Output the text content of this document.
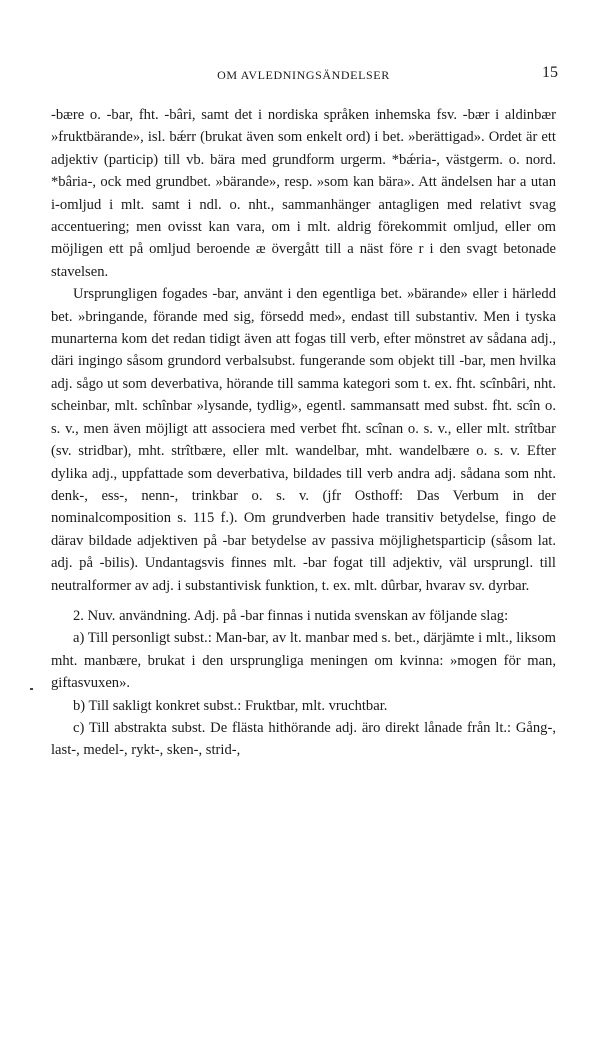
OM AVLEDNINGSÄNDELSER	15

-bære o. -bar, fht. -bâri, samt det i nordiska språken inhemska fsv. -bær i aldinbær »fruktbärande», isl. bǽrr (brukat även som enkelt ord) i bet. »berättigad». Ordet är ett adjektiv (particip) till vb. bära med grundform urgerm. *bǽria-, västgerm. o. nord. *bâria-, ock med grundbet. »bärande», resp. »som kan bära». Att ändelsen har a utan i-omljud i mlt. samt i ndl. o. nht., sammanhänger antagligen med relativt svag accentuering; men ovisst kan vara, om i mlt. aldrig förekommit omljud, eller om möjligen ett på omljud beroende æ övergått till a näst före r i den svagt betonade stavelsen.

Ursprungligen fogades -bar, använt i den egentliga bet. »bärande» eller i härledd bet. »bringande, förande med sig, försedd med», endast till substantiv. Men i tyska munarterna kom det redan tidigt även att fogas till verb, efter mönstret av sådana adj., däri ingingo såsom grundord verbalsubst. fungerande som objekt till -bar, men hvilka adj. sågo ut som deverbativa, hörande till samma kategori som t. ex. fht. scînbâri, nht. scheinbar, mlt. schînbar »lysande, tydlig», egentl. sammansatt med subst. fht. scîn o. s. v., men även möjligt att associera med verbet fht. scînan o. s. v., eller mlt. strîtbar (sv. stridbar), mht. strîtbære, eller mlt. wandelbar, mht. wandelbære o. s. v. Efter dylika adj., uppfattade som deverbativa, bildades till verb andra adj. sådana som nht. denk-, ess-, nenn-, trinkbar o. s. v. (jfr Osthoff: Das Verbum in der nominalcomposition s. 115 f.). Om grundverben hade transitiv betydelse, fingo de därav bildade adjektiven på -bar betydelse av passiva möjlighetsparticip (såsom lat. adj. på -bilis). Undantagsvis finnes mlt. -bar fogat till adjektiv, väl ursprungl. till neutralformer av adj. i substantivisk funktion, t. ex. mlt. dûrbar, hvarav sv. dyrbar.

2. Nuv. användning. Adj. på -bar finnas i nutida svenskan av följande slag:

a) Till personligt subst.: Man-bar, av lt. manbar med s. bet., därjämte i mlt., liksom mht. manbære, brukat i den ursprungliga meningen om kvinna: »mogen för man, giftasvuxen».

b) Till sakligt konkret subst.: Fruktbar, mlt. vruchtbar.

c) Till abstrakta subst. De flästa hithörande adj. äro direkt lånade från lt.: Gång-, last-, medel-, rykt-, sken-, strid-,
